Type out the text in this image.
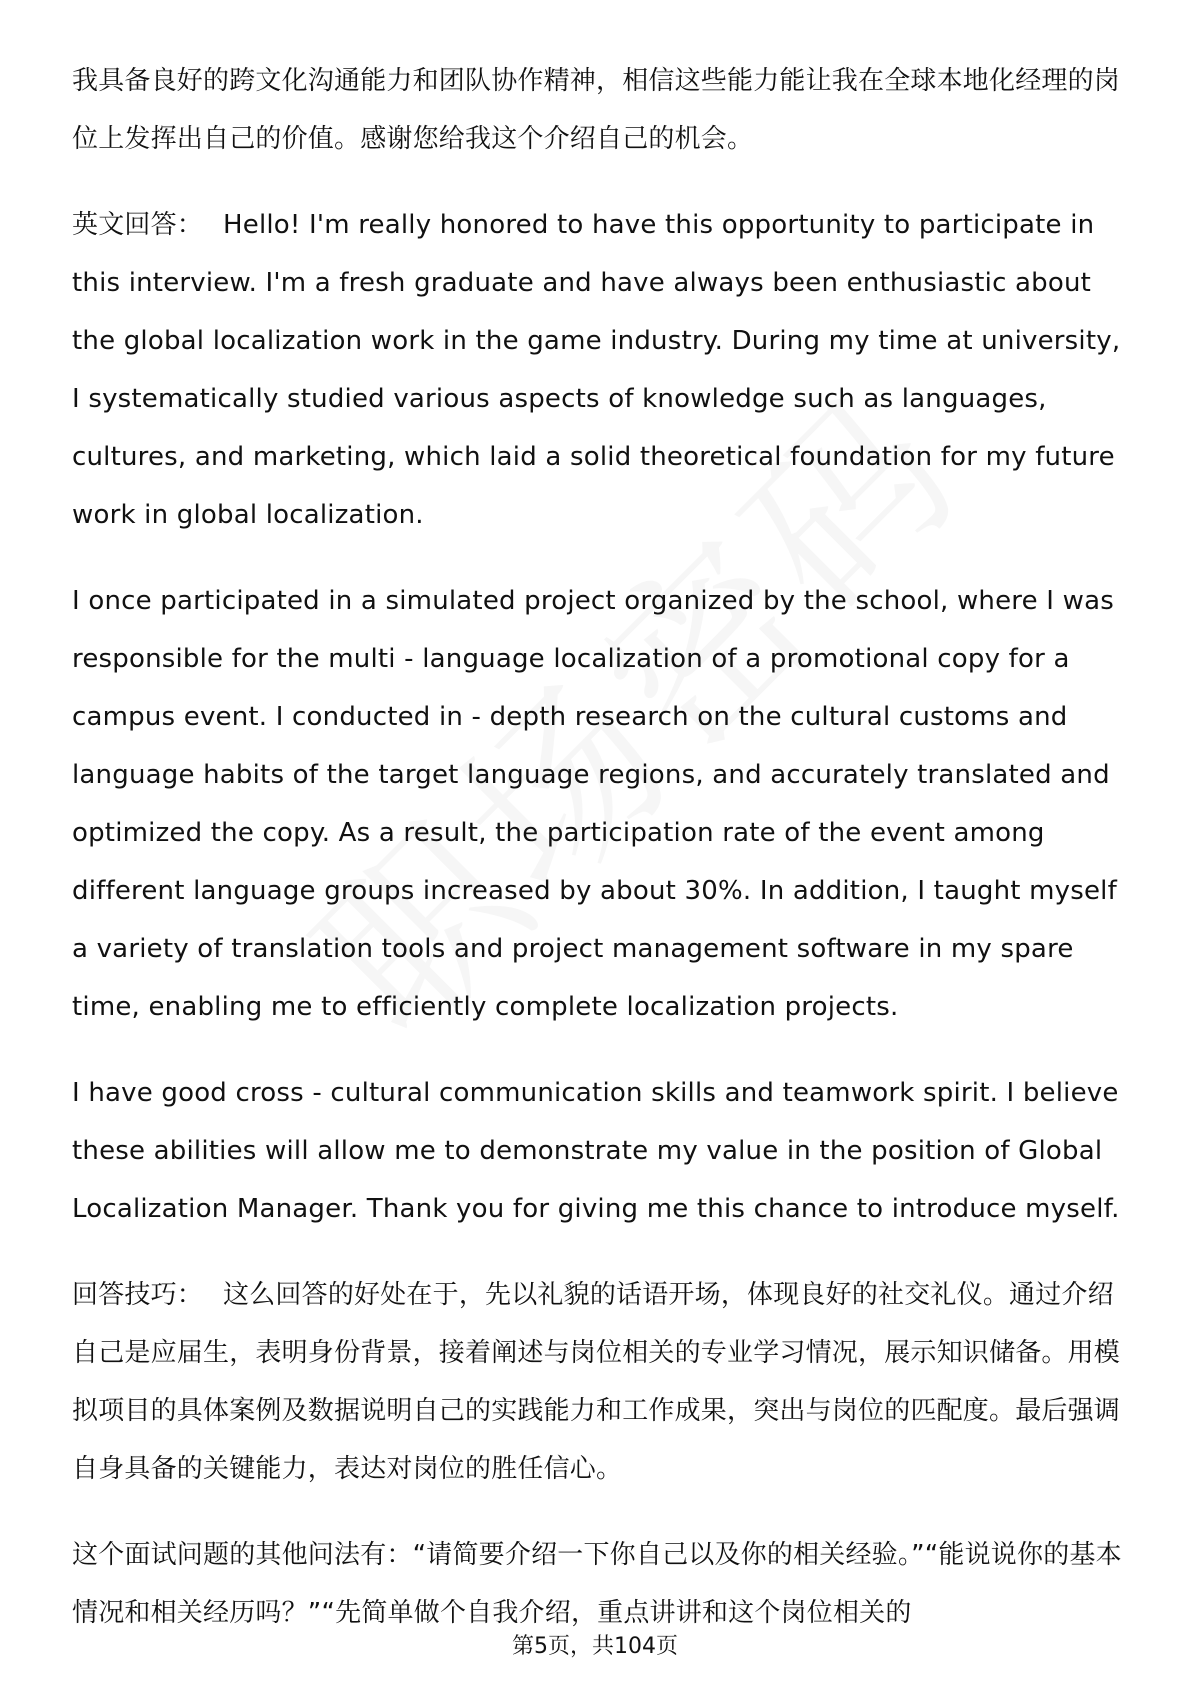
我具备良好的跨文化沟通能力和团队协作精神，相信这些能力能让我在全球本地化经理的岗位上发挥出自己的价值。感谢您给我这个介绍自己的机会。

英文回答： Hello! I'm really honored to have this opportunity to participate in this interview. I'm a fresh graduate and have always been enthusiastic about the global localization work in the game industry. During my time at university, I systematically studied various aspects of knowledge such as languages, cultures, and marketing, which laid a solid theoretical foundation for my future work in global localization.

I once participated in a simulated project organized by the school, where I was responsible for the multi - language localization of a promotional copy for a campus event. I conducted in - depth research on the cultural customs and language habits of the target language regions, and accurately translated and optimized the copy. As a result, the participation rate of the event among different language groups increased by about 30%. In addition, I taught myself a variety of translation tools and project management software in my spare time, enabling me to efficiently complete localization projects.

I have good cross - cultural communication skills and teamwork spirit. I believe these abilities will allow me to demonstrate my value in the position of Global Localization Manager. Thank you for giving me this chance to introduce myself.

回答技巧： 这么回答的好处在于，先以礼貌的话语开场，体现良好的社交礼仪。通过介绍自己是应届生，表明身份背景，接着阐述与岗位相关的专业学习情况，展示知识储备。用模拟项目的具体案例及数据说明自己的实践能力和工作成果，突出与岗位的匹配度。最后强调自身具备的关键能力，表达对岗位的胜任信心。

这个面试问题的其他问法有：“请简要介绍一下你自己以及你的相关经验。”“能说说你的基本情况和相关经历吗？”“先简单做个自我介绍，重点讲讲和这个岗位相关的

第5页，共104页
